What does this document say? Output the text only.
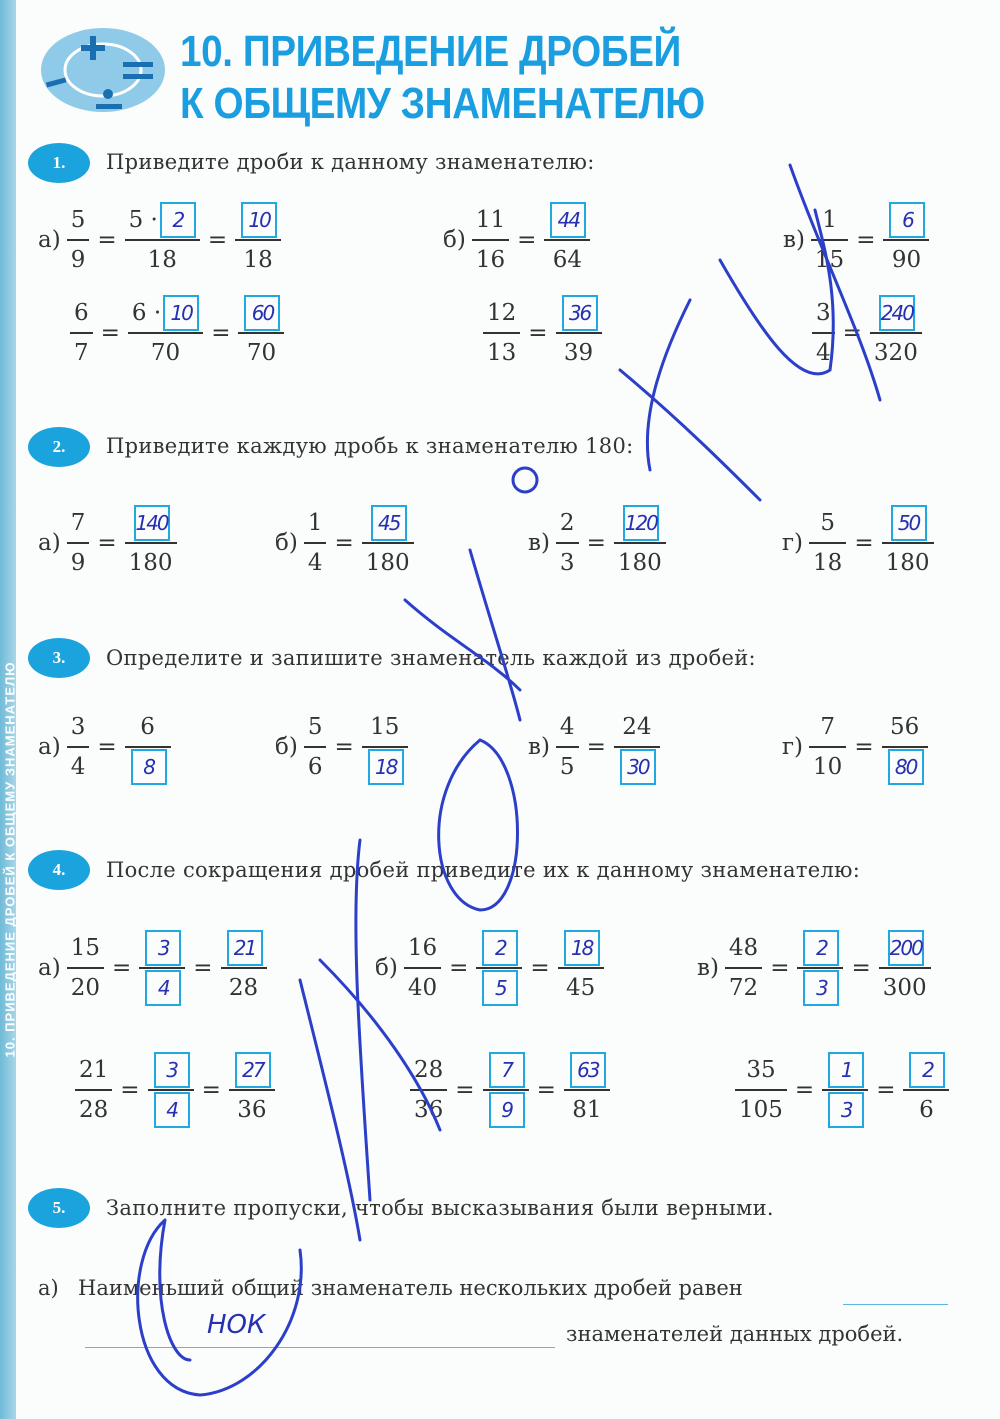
10. ПРИВЕДЕНИЕ ДРОБЕЙ К ОБЩЕМУ ЗНАМЕНАТЕЛЮ
10. ПРИВЕДЕНИЕ ДРОБЕЙ
К ОБЩЕМУ ЗНАМЕНАТЕЛЮ
1.	Приведите дроби к данному знаменателю:
2.	Приведите каждую дробь к знаменателю 180:
3.	Определите и запишите знаменатель каждой из дробей:
4.	После сокращения дробей приведите их к данному знаменателю:
5.	Заполните пропуски, чтобы высказывания были верными.
$а) \frac{5}{9} = \frac{5 \cdot 2}{18} = \frac{10}{18}$	$б) \frac{11}{16} = \frac{44}{64}$	$в) \frac{1}{15} = \frac{6}{90}$
$\frac{6}{7} = \frac{6 \cdot 10}{70} = \frac{60}{70}$	$\frac{12}{13} = \frac{36}{39}$	$\frac{3}{4} = \frac{240}{320}$
$а) \frac{7}{9} = \frac{140}{180}$	$б) \frac{1}{4} = \frac{45}{180}$	$в) \frac{2}{3} = \frac{120}{180}$	$г) \frac{5}{18} = \frac{50}{180}$
$а) \frac{3}{4} = \frac{6}{8}$	$б) \frac{5}{6} = \frac{15}{18}$	$в) \frac{4}{5} = \frac{24}{30}$	$г) \frac{7}{10} = \frac{56}{80}$
$а) \frac{15}{20} = \frac{3}{4} = \frac{21}{28}$	$б) \frac{16}{40} = \frac{2}{5} = \frac{18}{45}$	$в) \frac{48}{72} = \frac{2}{3} = \frac{200}{300}$
$\frac{21}{28} = \frac{3}{4} = \frac{27}{36}$	$\frac{28}{36} = \frac{7}{9} = \frac{63}{81}$	$\frac{35}{105} = \frac{1}{3} = \frac{2}{6}$
а) Наименьший общий знаменатель нескольких дробей равен
НОК	знаменателей данных дробей.
